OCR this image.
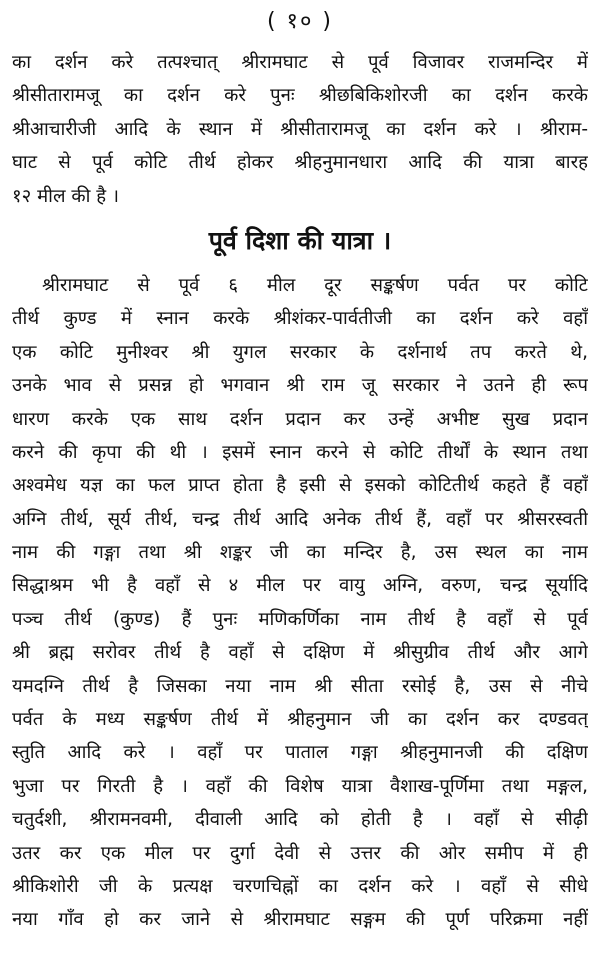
( १० )
का दर्शन करे तत्पश्चात् श्रीरामघाट से पूर्व विजावर राजमन्दिर में
श्रीसीतारामजू का दर्शन करे पुनः श्रीछबिकिशोरजी का दर्शन करके
श्रीआचारीजी आदि के स्थान में श्रीसीतारामजू का दर्शन करे । श्रीराम-
घाट से पूर्व कोटि तीर्थ होकर श्रीहनुमानधारा आदि की यात्रा बारह
१२ मील की है ।
पूर्व दिशा की यात्रा ।
श्रीरामघाट से पूर्व ६ मील दूर सङ्कर्षण पर्वत पर कोटि
तीर्थ कुण्ड में स्नान करके श्रीशंकर-पार्वतीजी का दर्शन करे वहाँ
एक कोटि मुनीश्वर श्री युगल सरकार के दर्शनार्थ तप करते थे,
उनके भाव से प्रसन्न हो भगवान श्री राम जू सरकार ने उतने ही रूप
धारण करके एक साथ दर्शन प्रदान कर उन्हें अभीष्ट सुख प्रदान
करने की कृपा की थी । इसमें स्नान करने से कोटि तीर्थों के स्थान तथा
अश्वमेध यज्ञ का फल प्राप्त होता है इसी से इसको कोटितीर्थ कहते हैं वहाँ
अग्नि तीर्थ, सूर्य तीर्थ, चन्द्र तीर्थ आदि अनेक तीर्थ हैं, वहाँ पर श्रीसरस्वती
नाम की गङ्गा तथा श्री शङ्कर जी का मन्दिर है, उस स्थल का नाम
सिद्धाश्रम भी है वहाँ से ४ मील पर वायु अग्नि, वरुण, चन्द्र सूर्यादि
पञ्च तीर्थ (कुण्ड) हैं पुनः मणिकर्णिका नाम तीर्थ है वहाँ से पूर्व
श्री ब्रह्म सरोवर तीर्थ है वहाँ से दक्षिण में श्रीसुग्रीव तीर्थ और आगे
यमदग्नि तीर्थ है जिसका नया नाम श्री सीता रसोई है, उस से नीचे
पर्वत के मध्य सङ्कर्षण तीर्थ में श्रीहनुमान जी का दर्शन कर दण्डवत्
स्तुति आदि करे । वहाँ पर पाताल गङ्गा श्रीहनुमानजी की दक्षिण
भुजा पर गिरती है । वहाँ की विशेष यात्रा वैशाख-पूर्णिमा तथा मङ्गल,
चतुर्दशी, श्रीरामनवमी, दीवाली आदि को होती है । वहाँ से सीढ़ी
उतर कर एक मील पर दुर्गा देवी से उत्तर की ओर समीप में ही
श्रीकिशोरी जी के प्रत्यक्ष चरणचिह्नों का दर्शन करे । वहाँ से सीधे
नया गाँव हो कर जाने से श्रीरामघाट सङ्गम की पूर्ण परिक्रमा नहीं
